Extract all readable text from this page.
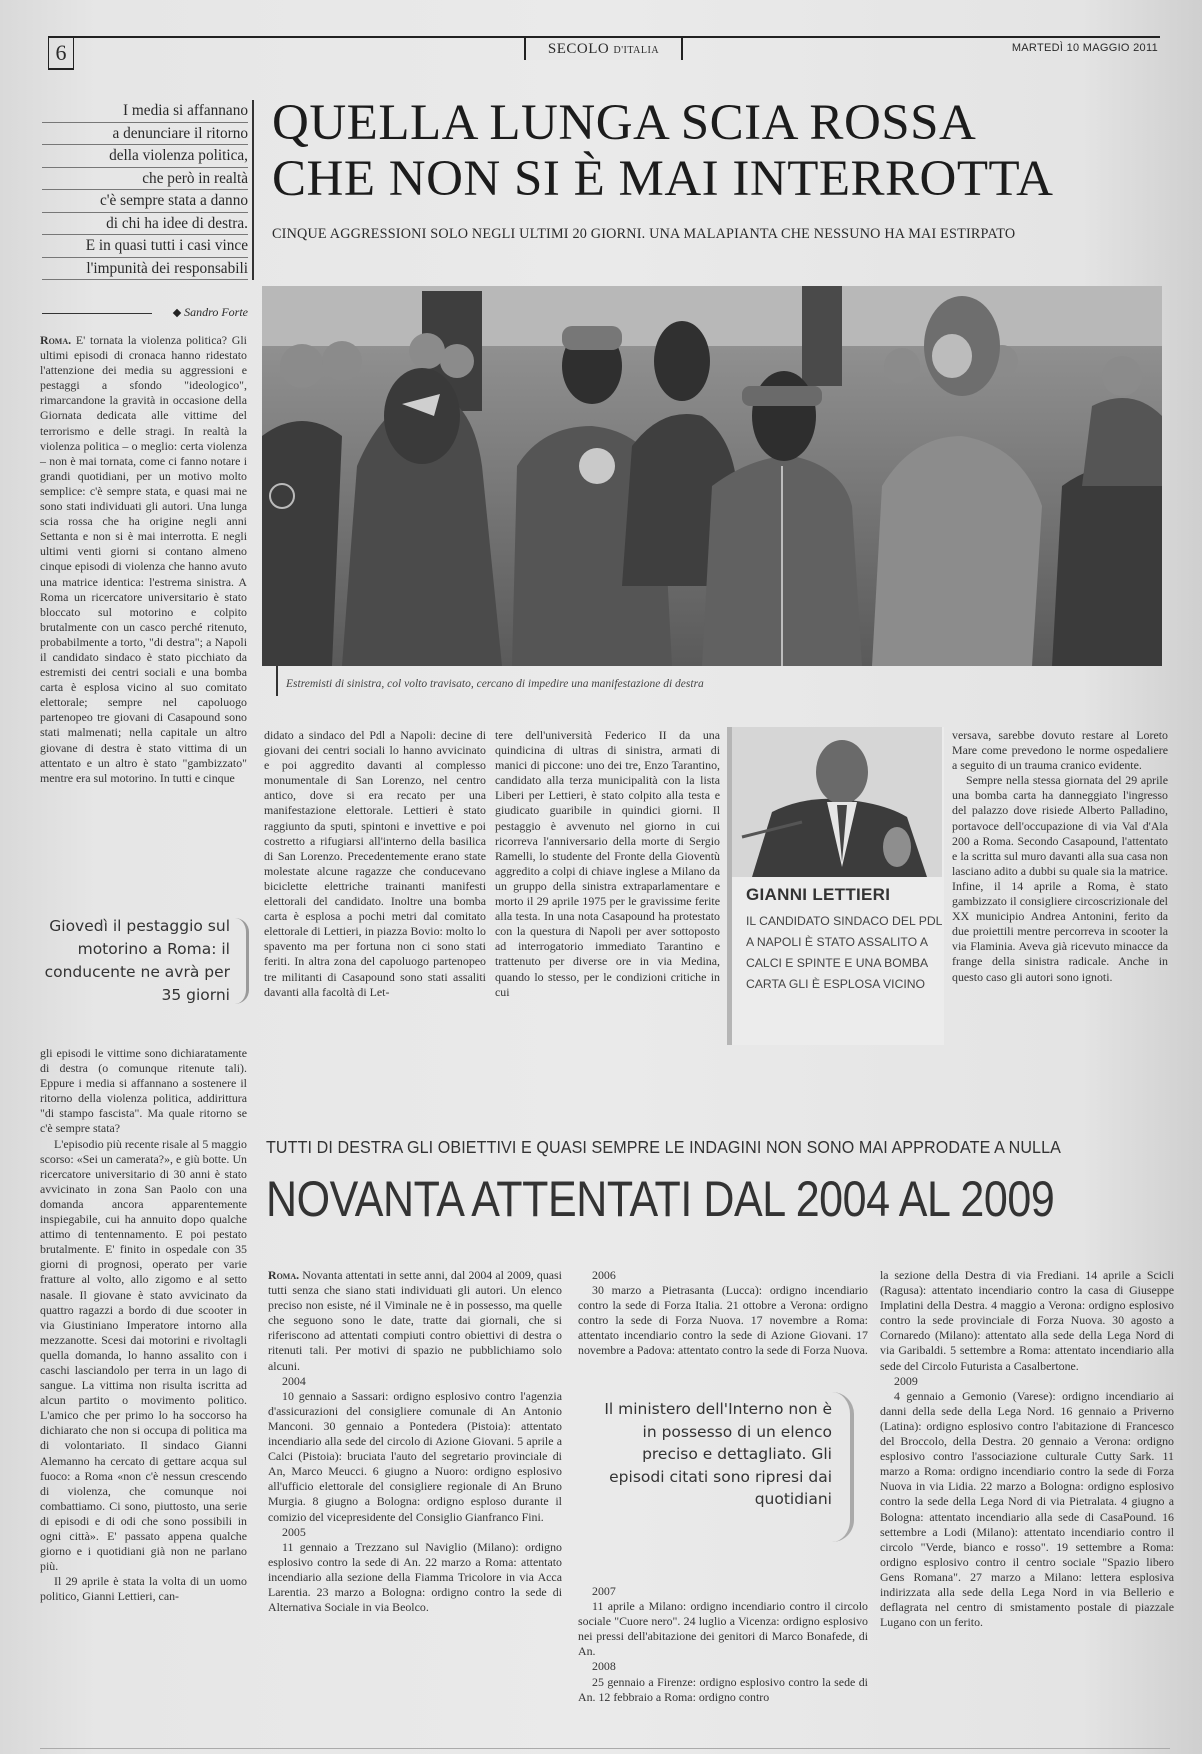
6	SECOLO D'ITALIA	MARTEDÌ 10 MAGGIO 2011
I media si affannano
a denunciare il ritorno
della violenza politica,
che però in realtà
c'è sempre stata a danno
di chi ha idee di destra.
E in quasi tutti i casi vince
l'impunità dei responsabili
Sandro Forte
QUELLA LUNGA SCIA ROSSA
CHE NON SI È MAI INTERROTTA
CINQUE AGGRESSIONI SOLO NEGLI ULTIMI 20 GIORNI. UNA MALAPIANTA CHE NESSUNO HA MAI ESTIRPATO
Estremisti di sinistra, col volto travisato, cercano di impedire una manifestazione di destra

Roma. E' tornata la violenza politica? Gli ultimi episodi di cronaca hanno ridestato l'attenzione dei media su aggressioni e pestaggi a sfondo "ideologico", rimarcandone la gravità in occasione della Giornata dedicata alle vittime del terrorismo e delle stragi. In realtà la violenza politica – o meglio: certa violenza – non è mai tornata, come ci fanno notare i grandi quotidiani, per un motivo molto semplice: c'è sempre stata, e quasi mai ne sono stati individuati gli autori. Una lunga scia rossa che ha origine negli anni Settanta e non si è mai interrotta. E negli ultimi venti giorni si contano almeno cinque episodi di violenza che hanno avuto una matrice identica: l'estrema sinistra. A Roma un ricercatore universitario è stato bloccato sul motorino e colpito brutalmente con un casco perché ritenuto, probabilmente a torto, "di destra"; a Napoli il candidato sindaco è stato picchiato da estremisti dei centri sociali e una bomba carta è esplosa vicino al suo comitato elettorale; sempre nel capoluogo partenopeo tre giovani di Casapound sono stati malmenati; nella capitale un altro giovane di destra è stato vittima di un attentato e un altro è stato "gambizzato" mentre era sul motorino. In tutti e cinque

Giovedì il pestaggio sul motorino a Roma: il conducente ne avrà per 35 giorni

gli episodi le vittime sono dichiaratamente di destra (o comunque ritenute tali). Eppure i media si affannano a sostenere il ritorno della violenza politica, addirittura "di stampo fascista". Ma quale ritorno se c'è sempre stata?

L'episodio più recente risale al 5 maggio scorso: «Sei un camerata?», e giù botte. Un ricercatore universitario di 30 anni è stato avvicinato in zona San Paolo con una domanda ancora apparentemente inspiegabile, cui ha annuito dopo qualche attimo di tentennamento. E poi pestato brutalmente. E' finito in ospedale con 35 giorni di prognosi, operato per varie fratture al volto, allo zigomo e al setto nasale. Il giovane è stato avvicinato da quattro ragazzi a bordo di due scooter in via Giustiniano Imperatore intorno alla mezzanotte. Scesi dai motorini e rivoltagli quella domanda, lo hanno assalito con i caschi lasciandolo per terra in un lago di sangue. La vittima non risulta iscritta ad alcun partito o movimento politico. L'amico che per primo lo ha soccorso ha dichiarato che non si occupa di politica ma di volontariato. Il sindaco Gianni Alemanno ha cercato di gettare acqua sul fuoco: a Roma «non c'è nessun crescendo di violenza, che comunque noi combattiamo. Ci sono, piuttosto, una serie di episodi e di odi che sono possibili in ogni città». E' passato appena qualche giorno e i quotidiani già non ne parlano più.

Il 29 aprile è stata la volta di un uomo politico, Gianni Lettieri, can-

didato a sindaco del Pdl a Napoli: decine di giovani dei centri sociali lo hanno avvicinato e poi aggredito davanti al complesso monumentale di San Lorenzo, nel centro antico, dove si era recato per una manifestazione elettorale. Lettieri è stato raggiunto da sputi, spintoni e invettive e poi costretto a rifugiarsi all'interno della basilica di San Lorenzo. Precedentemente erano state molestate alcune ragazze che conducevano biciclette elettriche trainanti manifesti elettorali del candidato. Inoltre una bomba carta è esplosa a pochi metri dal comitato elettorale di Lettieri, in piazza Bovio: molto lo spavento ma per fortuna non ci sono stati feriti. In altra zona del capoluogo partenopeo tre militanti di Casapound sono stati assaliti davanti alla facoltà di Let-

tere dell'università Federico II da una quindicina di ultras di sinistra, armati di manici di piccone: uno dei tre, Enzo Tarantino, candidato alla terza municipalità con la lista Liberi per Lettieri, è stato colpito alla testa e giudicato guaribile in quindici giorni. Il pestaggio è avvenuto nel giorno in cui ricorreva l'anniversario della morte di Sergio Ramelli, lo studente del Fronte della Gioventù aggredito a colpi di chiave inglese a Milano da un gruppo della sinistra extraparlamentare e morto il 29 aprile 1975 per le gravissime ferite alla testa. In una nota Casapound ha protestato con la questura di Napoli per aver sottoposto ad interrogatorio immediato Tarantino e trattenuto per diverse ore in via Medina, quando lo stesso, per le condizioni critiche in cui

GIANNI LETTIERI
IL CANDIDATO SINDACO DEL PDL A NAPOLI È STATO ASSALITO A CALCI E SPINTE E UNA BOMBA CARTA GLI È ESPLOSA VICINO

versava, sarebbe dovuto restare al Loreto Mare come prevedono le norme ospedaliere a seguito di un trauma cranico evidente.

Sempre nella stessa giornata del 29 aprile una bomba carta ha danneggiato l'ingresso del palazzo dove risiede Alberto Palladino, portavoce dell'occupazione di via Val d'Ala 200 a Roma. Secondo Casapound, l'attentato e la scritta sul muro davanti alla sua casa non lasciano adito a dubbi su quale sia la matrice. Infine, il 14 aprile a Roma, è stato gambizzato il consigliere circoscrizionale del XX municipio Andrea Antonini, ferito da due proiettili mentre percorreva in scooter la via Flaminia. Aveva già ricevuto minacce da frange della sinistra radicale. Anche in questo caso gli autori sono ignoti.

TUTTI DI DESTRA GLI OBIETTIVI E QUASI SEMPRE LE INDAGINI NON SONO MAI APPRODATE A NULLA
NOVANTA ATTENTATI DAL 2004 AL 2009

Roma. Novanta attentati in sette anni, dal 2004 al 2009, quasi tutti senza che siano stati individuati gli autori. Un elenco preciso non esiste, né il Viminale ne è in possesso, ma quelle che seguono sono le date, tratte dai giornali, che si riferiscono ad attentati compiuti contro obiettivi di destra o ritenuti tali. Per motivi di spazio ne pubblichiamo solo alcuni.

2004

10 gennaio a Sassari: ordigno esplosivo contro l'agenzia d'assicurazioni del consigliere comunale di An Antonio Manconi. 30 gennaio a Pontedera (Pistoia): attentato incendiario alla sede del circolo di Azione Giovani. 5 aprile a Calci (Pistoia): bruciata l'auto del segretario provinciale di An, Marco Meucci. 6 giugno a Nuoro: ordigno esplosivo all'ufficio elettorale del consigliere regionale di An Bruno Murgia. 8 giugno a Bologna: ordigno esploso durante il comizio del vicepresidente del Consiglio Gianfranco Fini.

2005

11 gennaio a Trezzano sul Naviglio (Milano): ordigno esplosivo contro la sede di An. 22 marzo a Roma: attentato incendiario alla sezione della Fiamma Tricolore in via Acca Larentia. 23 marzo a Bologna: ordigno contro la sede di Alternativa Sociale in via Beolco.

2006

30 marzo a Pietrasanta (Lucca): ordigno incendiario contro la sede di Forza Italia. 21 ottobre a Verona: ordigno contro la sede di Forza Nuova. 17 novembre a Roma: attentato incendiario contro la sede di Azione Giovani. 17 novembre a Padova: attentato contro la sede di Forza Nuova.

Il ministero dell'Interno non è in possesso di un elenco preciso e dettagliato. Gli episodi citati sono ripresi dai quotidiani

2007

11 aprile a Milano: ordigno incendiario contro il circolo sociale "Cuore nero". 24 luglio a Vicenza: ordigno esplosivo nei pressi dell'abitazione dei genitori di Marco Bonafede, di An.

2008

25 gennaio a Firenze: ordigno esplosivo contro la sede di An. 12 febbraio a Roma: ordigno contro

la sezione della Destra di via Frediani. 14 aprile a Scicli (Ragusa): attentato incendiario contro la casa di Giuseppe Implatini della Destra. 4 maggio a Verona: ordigno esplosivo contro la sede provinciale di Forza Nuova. 30 agosto a Cornaredo (Milano): attentato alla sede della Lega Nord di via Garibaldi. 5 settembre a Roma: attentato incendiario alla sede del Circolo Futurista a Casalbertone.

2009

4 gennaio a Gemonio (Varese): ordigno incendiario ai danni della sede della Lega Nord. 16 gennaio a Priverno (Latina): ordigno esplosivo contro l'abitazione di Francesco del Broccolo, della Destra. 20 gennaio a Verona: ordigno esplosivo contro l'associazione culturale Cutty Sark. 11 marzo a Roma: ordigno incendiario contro la sede di Forza Nuova in via Lidia. 22 marzo a Bologna: ordigno esplosivo contro la sede della Lega Nord di via Pietralata. 4 giugno a Bologna: attentato incendiario alla sede di CasaPound. 16 settembre a Lodi (Milano): attentato incendiario contro il circolo "Verde, bianco e rosso". 19 settembre a Roma: ordigno esplosivo contro il centro sociale "Spazio libero Gens Romana". 27 marzo a Milano: lettera esplosiva indirizzata alla sede della Lega Nord in via Bellerio e deflagrata nel centro di smistamento postale di piazzale Lugano con un ferito.
